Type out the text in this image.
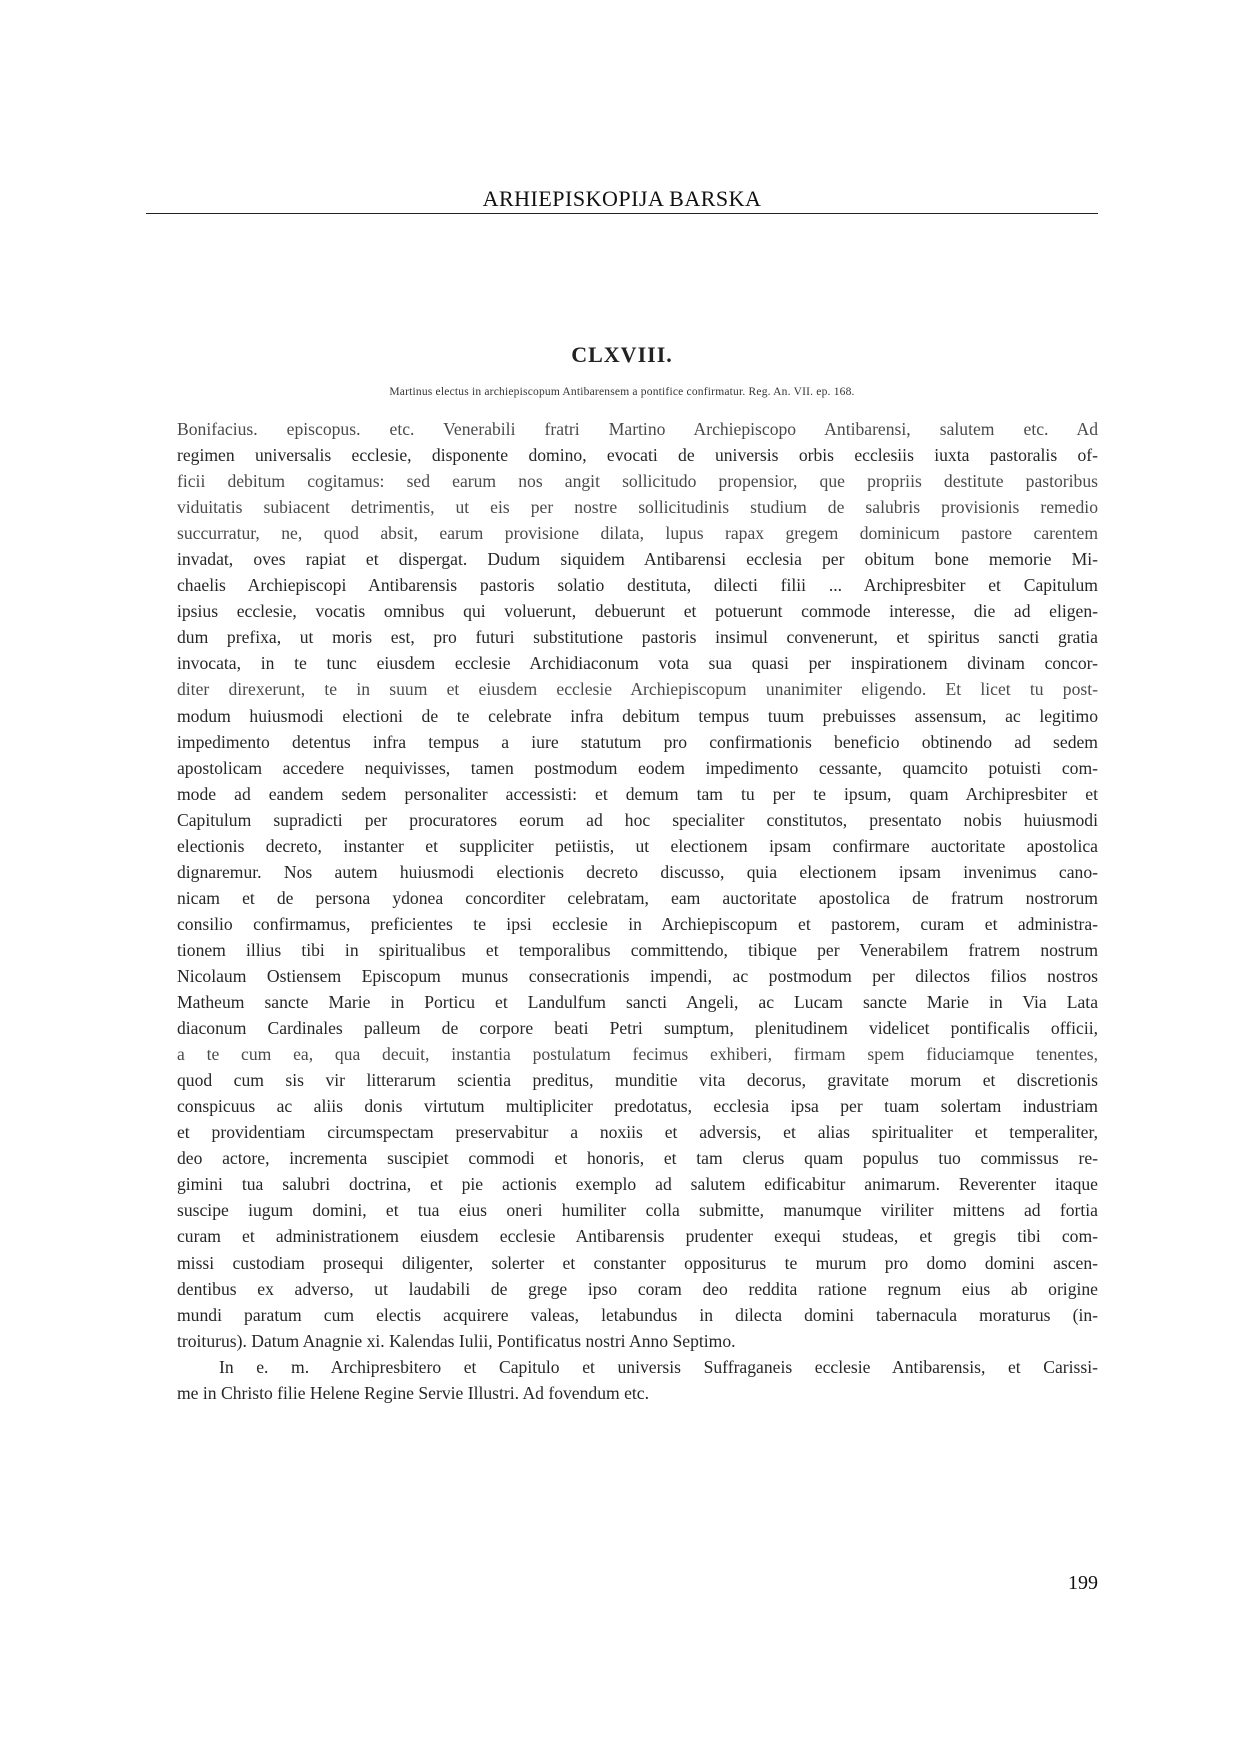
ARHIEPISKOPIJA BARSKA
CLXVIII.
Martinus electus in archiepiscopum Antibarensem a pontifice confirmatur. Reg. An. VII. ep. 168.
Bonifacius. episcopus. etc. Venerabili fratri Martino Archiepiscopo Antibarensi, salutem etc. Ad
regimen universalis ecclesie, disponente domino, evocati de universis orbis ecclesiis iuxta pastoralis of-
ficii debitum cogitamus: sed earum nos angit sollicitudo propensior, que propriis destitute pastoribus
viduitatis subiacent detrimentis, ut eis per nostre sollicitudinis studium de salubris provisionis remedio
succurratur, ne, quod absit, earum provisione dilata, lupus rapax gregem dominicum pastore carentem
invadat, oves rapiat et dispergat. Dudum siquidem Antibarensi ecclesia per obitum bone memorie Mi-
chaelis Archiepiscopi Antibarensis pastoris solatio destituta, dilecti filii ... Archipresbiter et Capitulum
ipsius ecclesie, vocatis omnibus qui voluerunt, debuerunt et potuerunt commode interesse, die ad eligen-
dum prefixa, ut moris est, pro futuri substitutione pastoris insimul convenerunt, et spiritus sancti gratia
invocata, in te tunc eiusdem ecclesie Archidiaconum vota sua quasi per inspirationem divinam concor-
diter direxerunt, te in suum et eiusdem ecclesie Archiepiscopum unanimiter eligendo. Et licet tu post-
modum huiusmodi electioni de te celebrate infra debitum tempus tuum prebuisses assensum, ac legitimo
impedimento detentus infra tempus a iure statutum pro confirmationis beneficio obtinendo ad sedem
apostolicam accedere nequivisses, tamen postmodum eodem impedimento cessante, quamcito potuisti com-
mode ad eandem sedem personaliter accessisti: et demum tam tu per te ipsum, quam Archipresbiter et
Capitulum supradicti per procuratores eorum ad hoc specialiter constitutos, presentato nobis huiusmodi
electionis decreto, instanter et suppliciter petiistis, ut electionem ipsam confirmare auctoritate apostolica
dignaremur. Nos autem huiusmodi electionis decreto discusso, quia electionem ipsam invenimus cano-
nicam et de persona ydonea concorditer celebratam, eam auctoritate apostolica de fratrum nostrorum
consilio confirmamus, preficientes te ipsi ecclesie in Archiepiscopum et pastorem, curam et administra-
tionem illius tibi in spiritualibus et temporalibus committendo, tibique per Venerabilem fratrem nostrum
Nicolaum Ostiensem Episcopum munus consecrationis impendi, ac postmodum per dilectos filios nostros
Matheum sancte Marie in Porticu et Landulfum sancti Angeli, ac Lucam sancte Marie in Via Lata
diaconum Cardinales palleum de corpore beati Petri sumptum, plenitudinem videlicet pontificalis officii,
a te cum ea, qua decuit, instantia postulatum fecimus exhiberi, firmam spem fiduciamque tenentes,
quod cum sis vir litterarum scientia preditus, munditie vita decorus, gravitate morum et discretionis
conspicuus ac aliis donis virtutum multipliciter predotatus, ecclesia ipsa per tuam solertam industriam
et providentiam circumspectam preservabitur a noxiis et adversis, et alias spiritualiter et temperaliter,
deo actore, incrementa suscipiet commodi et honoris, et tam clerus quam populus tuo commissus re-
gimini tua salubri doctrina, et pie actionis exemplo ad salutem edificabitur animarum. Reverenter itaque
suscipe iugum domini, et tua eius oneri humiliter colla submitte, manumque viriliter mittens ad fortia
curam et administrationem eiusdem ecclesie Antibarensis prudenter exequi studeas, et gregis tibi com-
missi custodiam prosequi diligenter, solerter et constanter oppositurus te murum pro domo domini ascen-
dentibus ex adverso, ut laudabili de grege ipso coram deo reddita ratione regnum eius ab origine
mundi paratum cum electis acquirere valeas, letabundus in dilecta domini tabernacula moraturus (in-
troiturus). Datum Anagnie xi. Kalendas Iulii, Pontificatus nostri Anno Septimo.
In e. m. Archipresbitero et Capitulo et universis Suffraganeis ecclesie Antibarensis, et Carissi-
me in Christo filie Helene Regine Servie Illustri. Ad fovendum etc.
199
